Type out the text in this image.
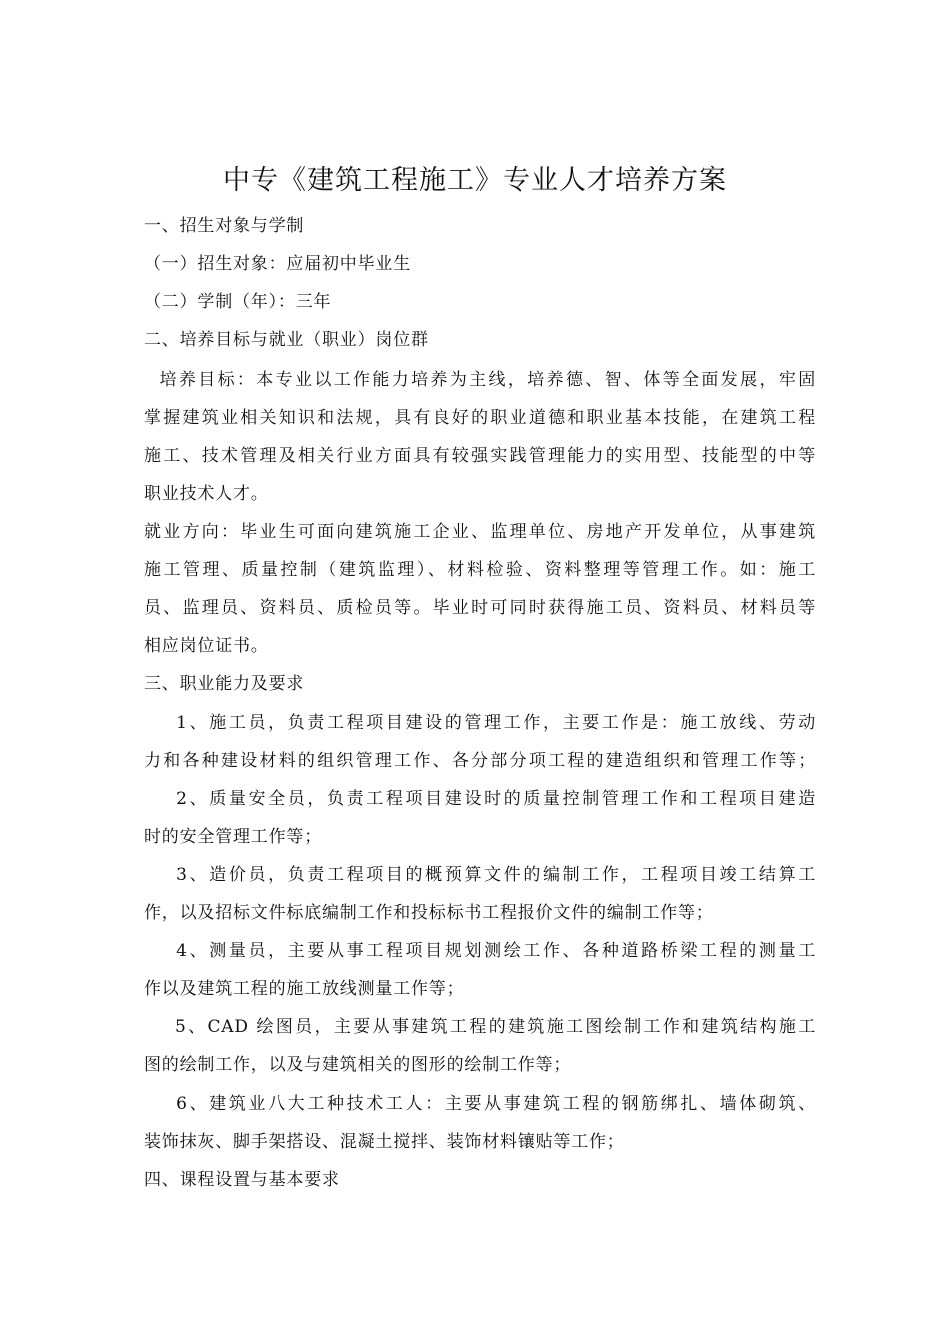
中专《建筑工程施工》专业人才培养方案
一、招生对象与学制
（一）招生对象：应届初中毕业生
（二）学制（年）：三年
二、培养目标与就业（职业）岗位群
培养目标：本专业以工作能力培养为主线，培养德、智、体等全面发展，牢固
掌握建筑业相关知识和法规，具有良好的职业道德和职业基本技能，在建筑工程
施工、技术管理及相关行业方面具有较强实践管理能力的实用型、技能型的中等
职业技术人才。
就业方向：毕业生可面向建筑施工企业、监理单位、房地产开发单位，从事建筑
施工管理、质量控制（建筑监理）、材料检验、资料整理等管理工作。如：施工
员、监理员、资料员、质检员等。毕业时可同时获得施工员、资料员、材料员等
相应岗位证书。
三、职业能力及要求
1、施工员，负责工程项目建设的管理工作，主要工作是：施工放线、劳动
力和各种建设材料的组织管理工作、各分部分项工程的建造组织和管理工作等；
2、质量安全员，负责工程项目建设时的质量控制管理工作和工程项目建造
时的安全管理工作等；
3、造价员，负责工程项目的概预算文件的编制工作，工程项目竣工结算工
作，以及招标文件标底编制工作和投标标书工程报价文件的编制工作等；
4、测量员，主要从事工程项目规划测绘工作、各种道路桥梁工程的测量工
作以及建筑工程的施工放线测量工作等；
5、CAD 绘图员，主要从事建筑工程的建筑施工图绘制工作和建筑结构施工
图的绘制工作，以及与建筑相关的图形的绘制工作等；
6、建筑业八大工种技术工人：主要从事建筑工程的钢筋绑扎、墙体砌筑、
装饰抹灰、脚手架搭设、混凝土搅拌、装饰材料镶贴等工作；
四、课程设置与基本要求
